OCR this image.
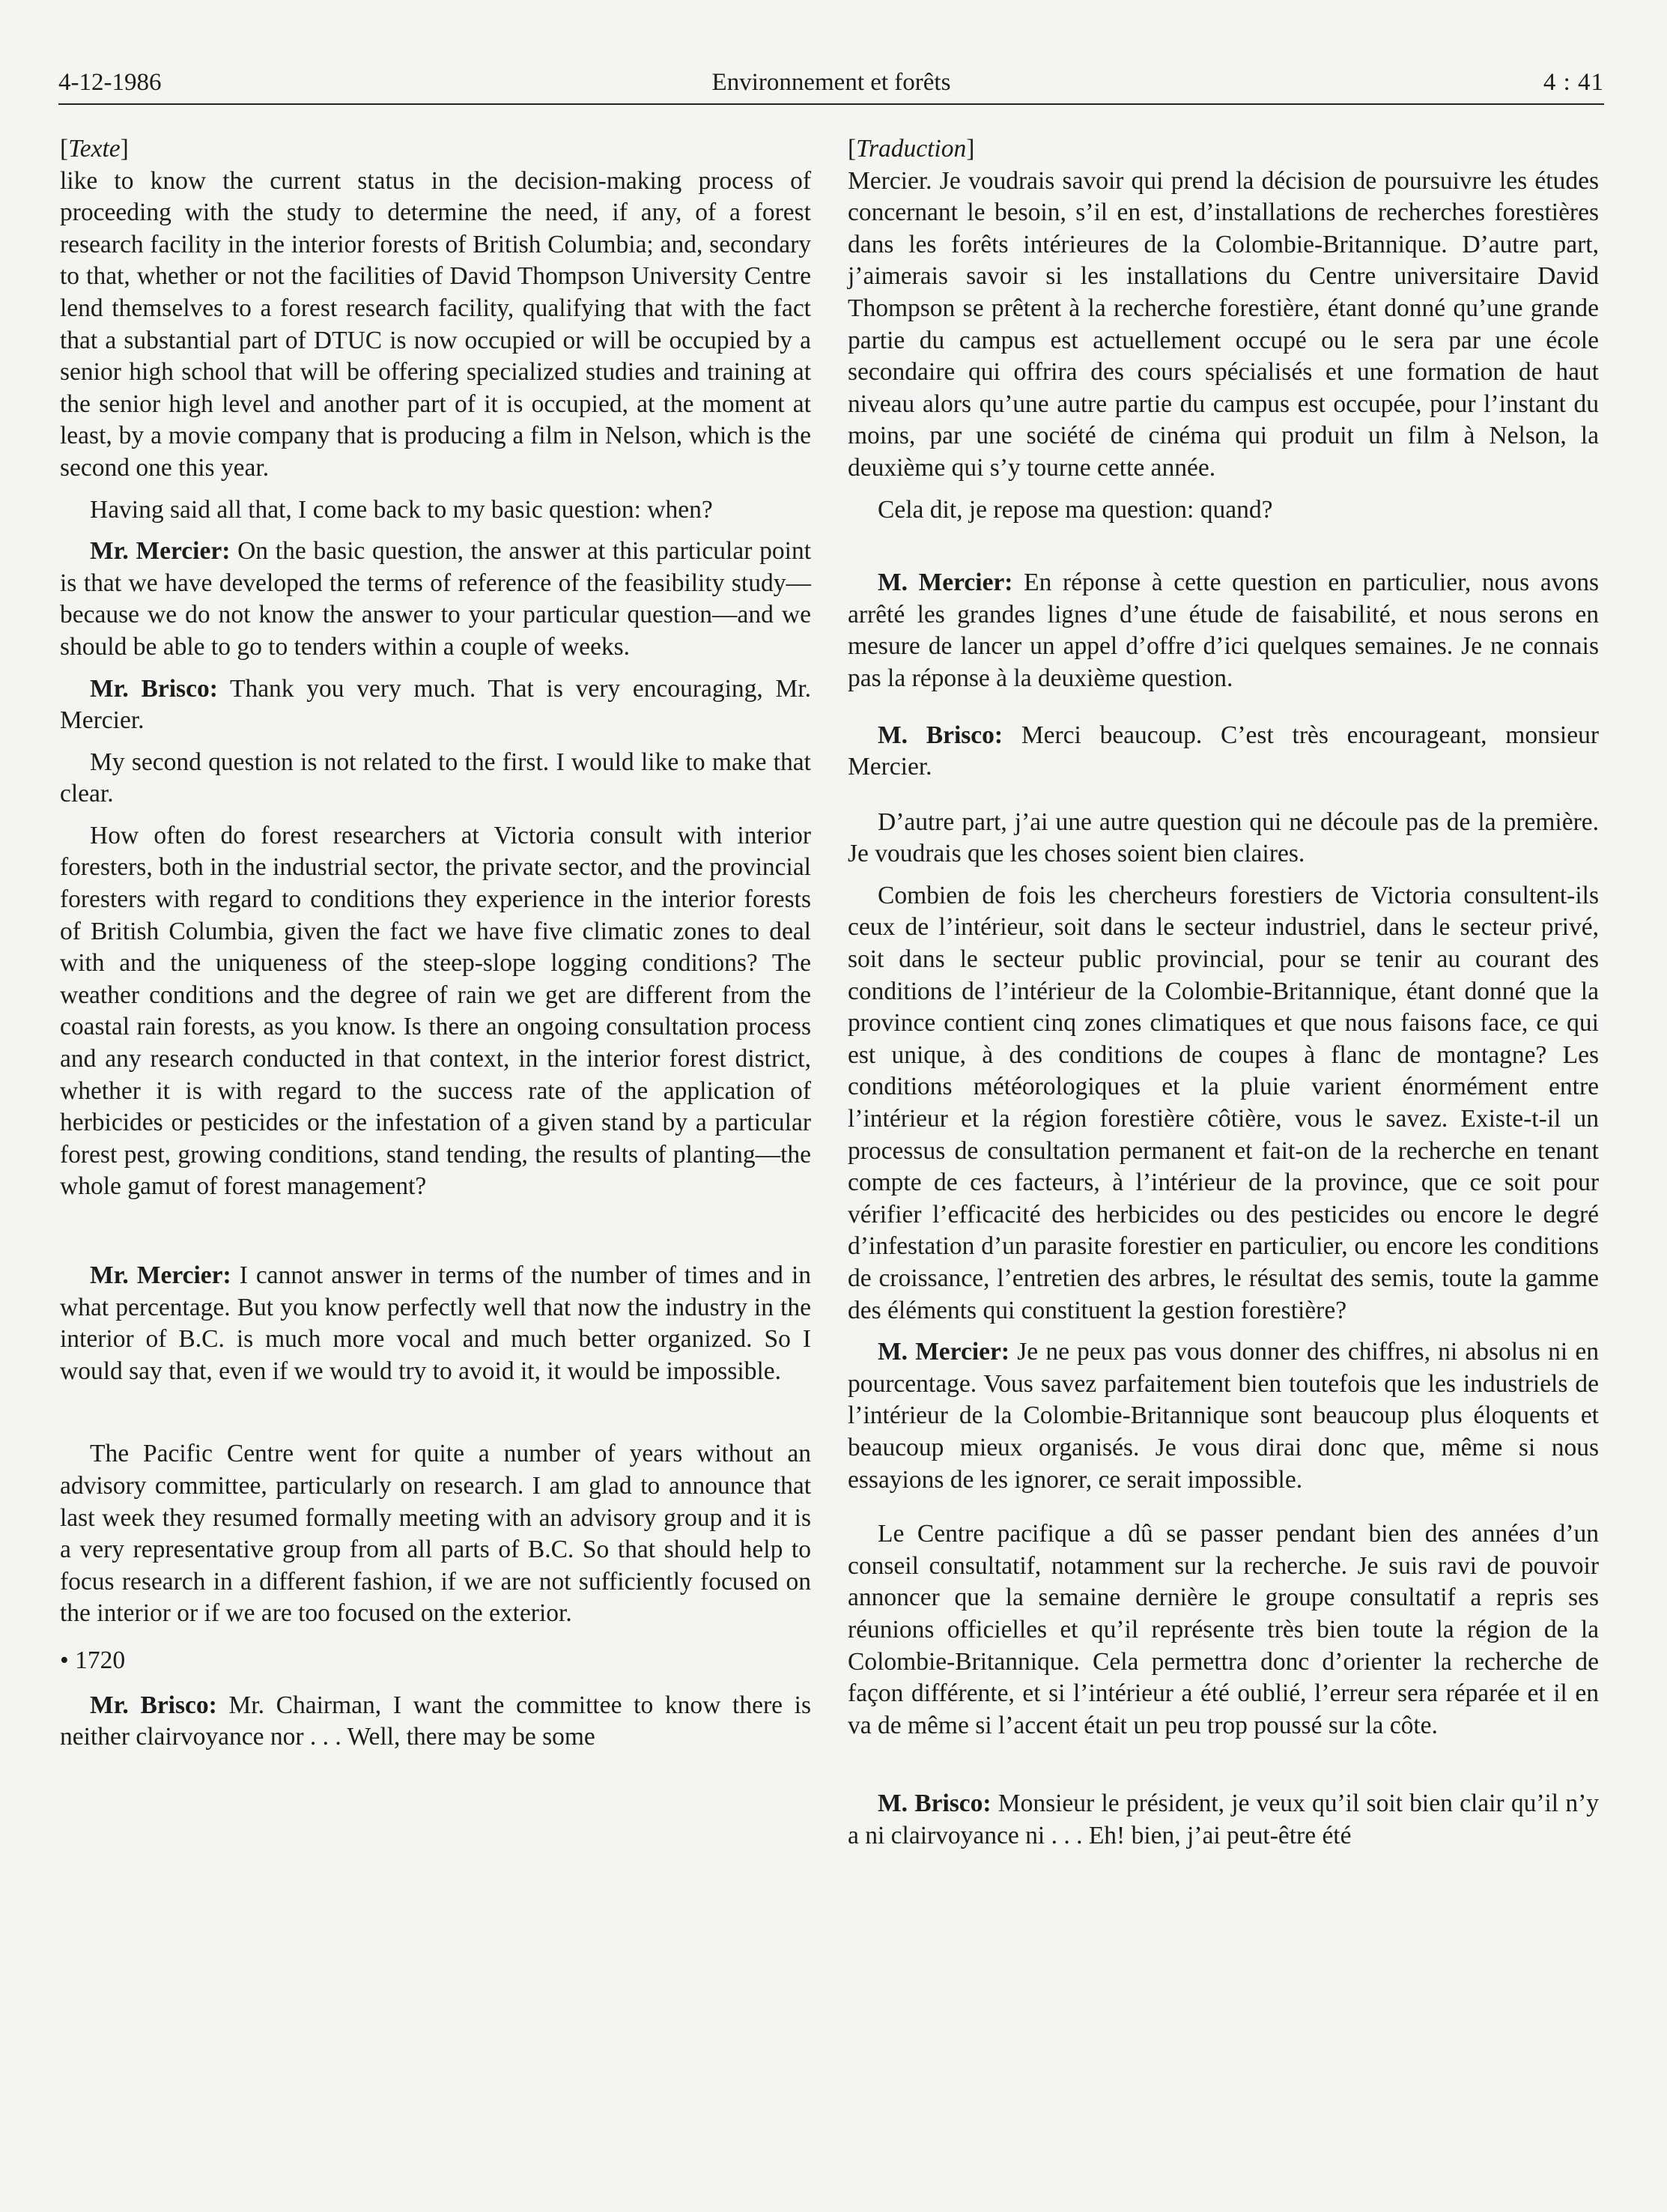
4-12-1986	Environnement et forêts	4 : 41

[Texte]

like to know the current status in the decision-making process of proceeding with the study to determine the need, if any, of a forest research facility in the interior forests of British Columbia; and, secondary to that, whether or not the facilities of David Thompson University Centre lend themselves to a forest research facility, qualifying that with the fact that a substantial part of DTUC is now occupied or will be occupied by a senior high school that will be offering specialized studies and training at the senior high level and another part of it is occupied, at the moment at least, by a movie company that is producing a film in Nelson, which is the second one this year.

Having said all that, I come back to my basic question: when?

Mr. Mercier: On the basic question, the answer at this particular point is that we have developed the terms of reference of the feasibility study—because we do not know the answer to your particular question—and we should be able to go to tenders within a couple of weeks.

Mr. Brisco: Thank you very much. That is very encouraging, Mr. Mercier.

My second question is not related to the first. I would like to make that clear.

How often do forest researchers at Victoria consult with interior foresters, both in the industrial sector, the private sector, and the provincial foresters with regard to conditions they experience in the interior forests of British Columbia, given the fact we have five climatic zones to deal with and the uniqueness of the steep-slope logging conditions? The weather conditions and the degree of rain we get are different from the coastal rain forests, as you know. Is there an ongoing consultation process and any research conducted in that context, in the interior forest district, whether it is with regard to the success rate of the application of herbicides or pesticides or the infestation of a given stand by a particular forest pest, growing conditions, stand tending, the results of planting—the whole gamut of forest management?

Mr. Mercier: I cannot answer in terms of the number of times and in what percentage. But you know perfectly well that now the industry in the interior of B.C. is much more vocal and much better organized. So I would say that, even if we would try to avoid it, it would be impossible.

The Pacific Centre went for quite a number of years without an advisory committee, particularly on research. I am glad to announce that last week they resumed formally meeting with an advisory group and it is a very representative group from all parts of B.C. So that should help to focus research in a different fashion, if we are not sufficiently focused on the interior or if we are too focused on the exterior.

• 1720

Mr. Brisco: Mr. Chairman, I want the committee to know there is neither clairvoyance nor . . . Well, there may be some

[Traduction]

Mercier. Je voudrais savoir qui prend la décision de poursuivre les études concernant le besoin, s’il en est, d’installations de recherches forestières dans les forêts intérieures de la Colombie-Britannique. D’autre part, j’aimerais savoir si les installations du Centre universitaire David Thompson se prêtent à la recherche forestière, étant donné qu’une grande partie du campus est actuellement occupé ou le sera par une école secondaire qui offrira des cours spécialisés et une formation de haut niveau alors qu’une autre partie du campus est occupée, pour l’instant du moins, par une société de cinéma qui produit un film à Nelson, la deuxième qui s’y tourne cette année.

Cela dit, je repose ma question: quand?

M. Mercier: En réponse à cette question en particulier, nous avons arrêté les grandes lignes d’une étude de faisabilité, et nous serons en mesure de lancer un appel d’offre d’ici quelques semaines. Je ne connais pas la réponse à la deuxième question.

M. Brisco: Merci beaucoup. C’est très encourageant, monsieur Mercier.

D’autre part, j’ai une autre question qui ne découle pas de la première. Je voudrais que les choses soient bien claires.

Combien de fois les chercheurs forestiers de Victoria consultent-ils ceux de l’intérieur, soit dans le secteur industriel, dans le secteur privé, soit dans le secteur public provincial, pour se tenir au courant des conditions de l’intérieur de la Colombie-Britannique, étant donné que la province contient cinq zones climatiques et que nous faisons face, ce qui est unique, à des conditions de coupes à flanc de montagne? Les conditions météorologiques et la pluie varient énormément entre l’intérieur et la région forestière côtière, vous le savez. Existe-t-il un processus de consultation permanent et fait-on de la recherche en tenant compte de ces facteurs, à l’intérieur de la province, que ce soit pour vérifier l’efficacité des herbicides ou des pesticides ou encore le degré d’infestation d’un parasite forestier en particulier, ou encore les conditions de croissance, l’entretien des arbres, le résultat des semis, toute la gamme des éléments qui constituent la gestion forestière?

M. Mercier: Je ne peux pas vous donner des chiffres, ni absolus ni en pourcentage. Vous savez parfaitement bien toutefois que les industriels de l’intérieur de la Colombie-Britannique sont beaucoup plus éloquents et beaucoup mieux organisés. Je vous dirai donc que, même si nous essayions de les ignorer, ce serait impossible.

Le Centre pacifique a dû se passer pendant bien des années d’un conseil consultatif, notamment sur la recherche. Je suis ravi de pouvoir annoncer que la semaine dernière le groupe consultatif a repris ses réunions officielles et qu’il représente très bien toute la région de la Colombie-Britannique. Cela permettra donc d’orienter la recherche de façon différente, et si l’intérieur a été oublié, l’erreur sera réparée et il en va de même si l’accent était un peu trop poussé sur la côte.

M. Brisco: Monsieur le président, je veux qu’il soit bien clair qu’il n’y a ni clairvoyance ni . . . Eh! bien, j’ai peut-être été
